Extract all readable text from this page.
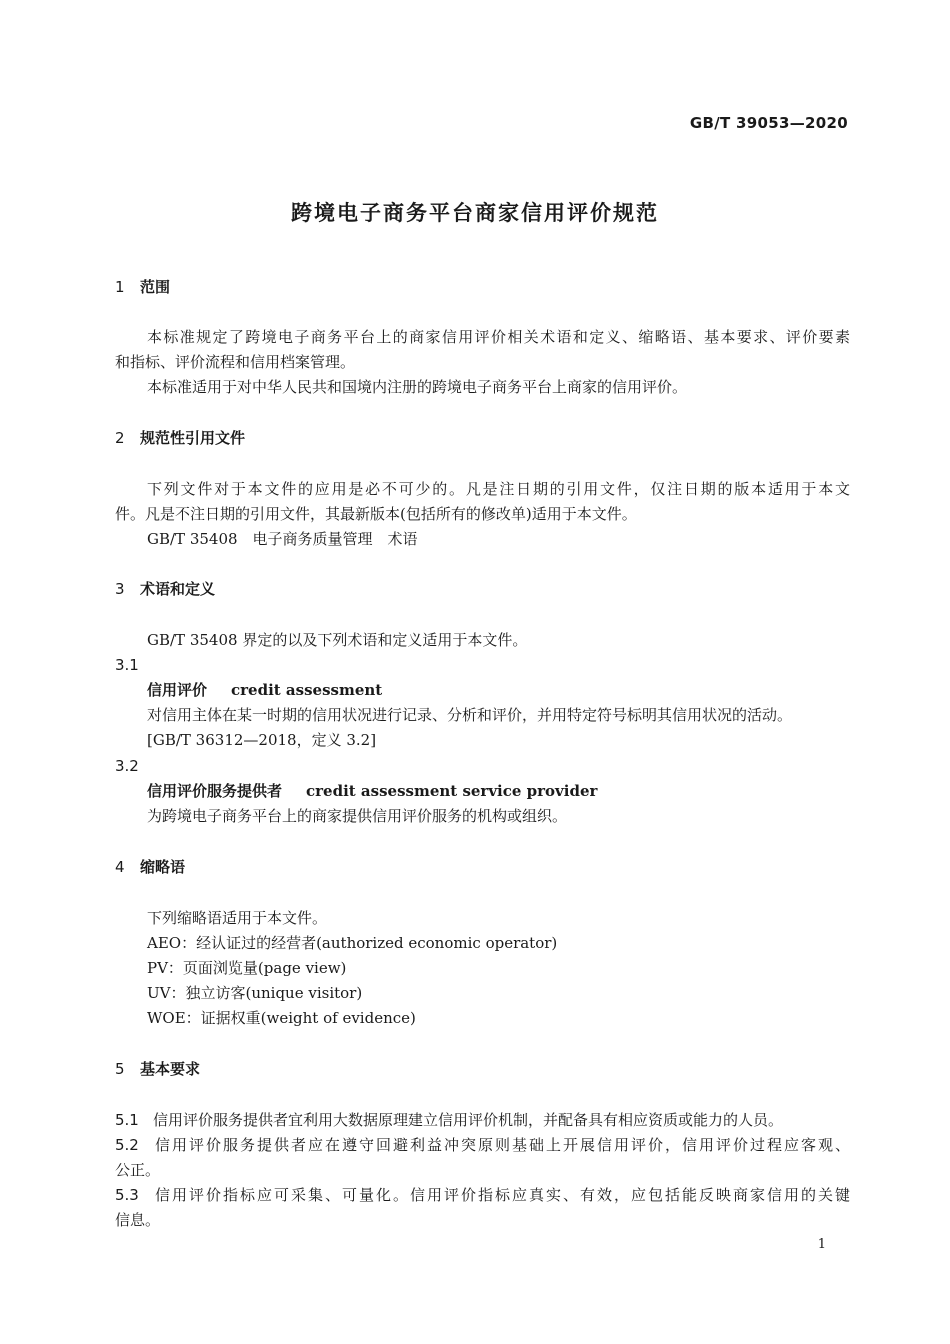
GB/T 39053—2020
跨境电子商务平台商家信用评价规范
1 范围
本标准规定了跨境电子商务平台上的商家信用评价相关术语和定义、缩略语、基本要求、评价要素
和指标、评价流程和信用档案管理。
本标准适用于对中华人民共和国境内注册的跨境电子商务平台上商家的信用评价。
2 规范性引用文件
下列文件对于本文件的应用是必不可少的。凡是注日期的引用文件，仅注日期的版本适用于本文
件。凡是不注日期的引用文件，其最新版本(包括所有的修改单)适用于本文件。
GB/T 35408　电子商务质量管理　术语
3 术语和定义
GB/T 35408 界定的以及下列术语和定义适用于本文件。
3.1
信用评价 credit assessment
对信用主体在某一时期的信用状况进行记录、分析和评价，并用特定符号标明其信用状况的活动。
[GB/T 36312—2018，定义 3.2]
3.2
信用评价服务提供者 credit assessment service provider
为跨境电子商务平台上的商家提供信用评价服务的机构或组织。
4 缩略语
下列缩略语适用于本文件。
AEO：经认证过的经营者(authorized economic operator)
PV：页面浏览量(page view)
UV：独立访客(unique visitor)
WOE：证据权重(weight of evidence)
5 基本要求
5.1 信用评价服务提供者宜利用大数据原理建立信用评价机制，并配备具有相应资质或能力的人员。
5.2 信用评价服务提供者应在遵守回避利益冲突原则基础上开展信用评价，信用评价过程应客观、
公正。
5.3 信用评价指标应可采集、可量化。信用评价指标应真实、有效，应包括能反映商家信用的关键
信息。
1
